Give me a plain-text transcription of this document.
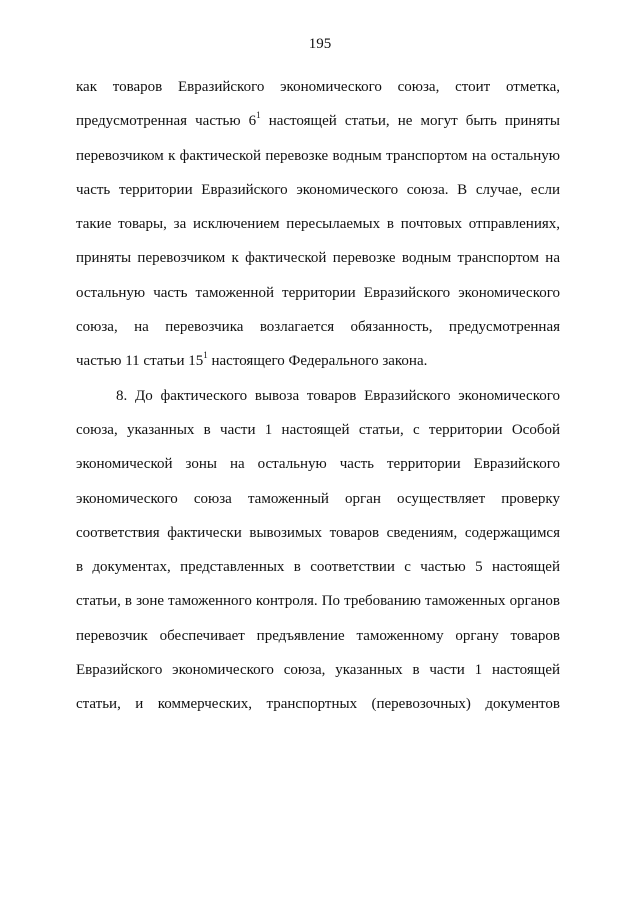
195
как товаров Евразийского экономического союза, стоит отметка,
предусмотренная частью $6^1$ настоящей статьи, не могут быть приняты
перевозчиком к фактической перевозке водным транспортом на остальную
часть территории Евразийского экономического союза. В случае, если
такие товары, за исключением пересылаемых в почтовых отправлениях,
приняты перевозчиком к фактической перевозке водным транспортом на
остальную часть таможенной территории Евразийского экономического
союза, на перевозчика возлагается обязанность, предусмотренная
частью 11 статьи $15^1$ настоящего Федерального закона.
8. До фактического вывоза товаров Евразийского экономического
союза, указанных в части 1 настоящей статьи, с территории Особой
экономической зоны на остальную часть территории Евразийского
экономического союза таможенный орган осуществляет проверку
соответствия фактически вывозимых товаров сведениям, содержащимся
в документах, представленных в соответствии с частью 5 настоящей
статьи, в зоне таможенного контроля. По требованию таможенных органов
перевозчик обеспечивает предъявление таможенному органу товаров
Евразийского экономического союза, указанных в части 1 настоящей
статьи, и коммерческих, транспортных (перевозочных) документов
